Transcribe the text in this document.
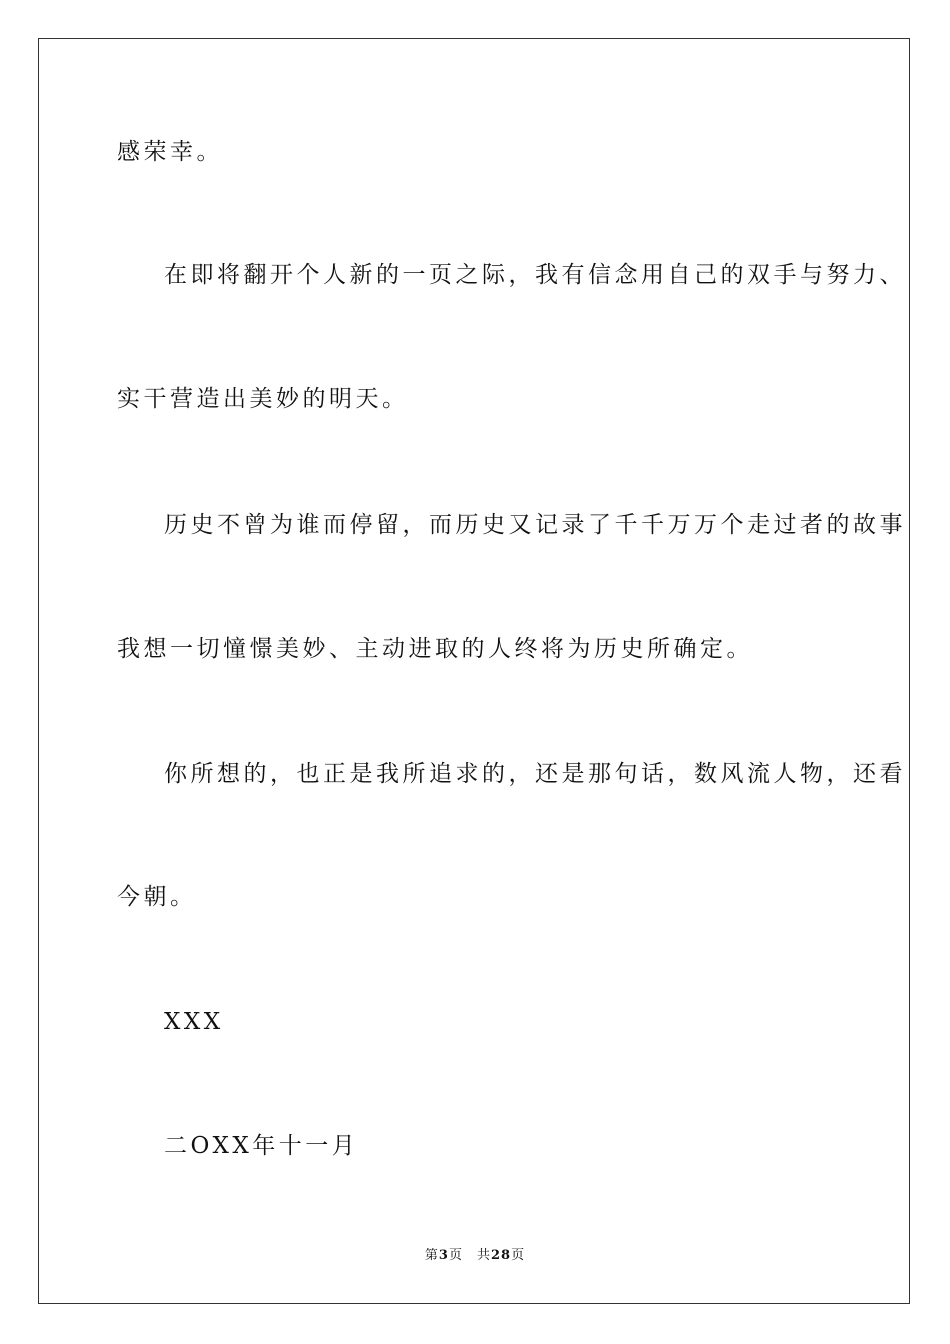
感荣幸。
在即将翻开个人新的一页之际，我有信念用自己的双手与努力、
实干营造出美妙的明天。
历史不曾为谁而停留，而历史又记录了千千万万个走过者的故事
我想一切憧憬美妙、主动进取的人终将为历史所确定。
你所想的，也正是我所追求的，还是那句话，数风流人物，还看
今朝。
XXX
二OXX年十一月
第3页 共28页
